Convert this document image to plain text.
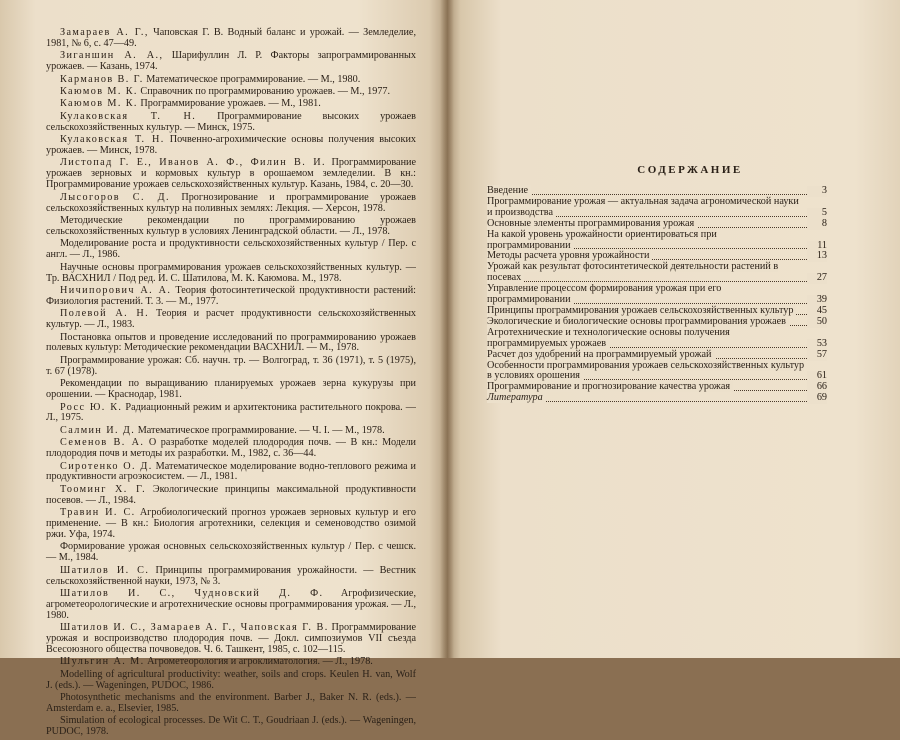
Замараев А. Г., Чаповская Г. В. Водный баланс и урожай. — Земледелие, 1981, № 6, с. 47—49.
Зиганшин А. А., Шарифуллин Л. Р. Факторы запрограммированных урожаев. — Казань, 1974.
Карманов В. Г. Математическое программирование. — М., 1980.
Каюмов М. К. Справочник по программированию урожаев. — М., 1977.
Каюмов М. К. Программирование урожаев. — М., 1981.
Кулаковская Т. Н. Программирование высоких урожаев сельскохозяйственных культур. — Минск, 1975.
Кулаковская Т. Н. Почвенно-агрохимические основы получения высоких урожаев. — Минск, 1978.
Листопад Г. Е., Иванов А. Ф., Филин В. И. Программирование урожаев зерновых и кормовых культур в орошаемом земледелии. В кн.: Программирование урожаев сельскохозяйственных культур. Казань, 1984, с. 20—30.
Лысогоров С. Д. Прогнозирование и программирование урожаев сельскохозяйственных культур на поливных землях: Лекция. — Херсон, 1978.
Методические рекомендации по программированию урожаев сельскохозяйственных культур в условиях Ленинградской области. — Л., 1978.
Моделирование роста и продуктивности сельскохозяйственных культур / Пер. с англ. — Л., 1986.
Научные основы программирования урожаев сельскохозяйственных культур. — Тр. ВАСХНИЛ / Под ред. И. С. Шатилова, М. К. Каюмова. М., 1978.
Ничипорович А. А. Теория фотосинтетической продуктивности растений: Физиология растений. Т. 3. — М., 1977.
Полевой А. Н. Теория и расчет продуктивности сельскохозяйственных культур. — Л., 1983.
Постановка опытов и проведение исследований по программированию урожаев полевых культур: Методические рекомендации ВАСХНИЛ. — М., 1978.
Программирование урожая: Сб. научн. тр. — Волгоград, т. 36 (1971), т. 5 (1975), т. 67 (1978).
Рекомендации по выращиванию планируемых урожаев зерна кукурузы при орошении. — Краснодар, 1981.
Росс Ю. К. Радиационный режим и архитектоника растительного покрова. — Л., 1975.
Салмин И. Д. Математическое программирование. — Ч. I. — М., 1978.
Семенов В. А. О разработке моделей плодородия почв. — В кн.: Модели плодородия почв и методы их разработки. М., 1982, с. 36—44.
Сиротенко О. Д. Математическое моделирование водно-теплового режима и продуктивности агроэкосистем. — Л., 1981.
Тооминг Х. Г. Экологические принципы максимальной продуктивности посевов. — Л., 1984.
Травин И. С. Агробиологический прогноз урожаев зерновых культур и его применение. — В кн.: Биология агротехники, селекция и семеноводство озимой ржи. Уфа, 1974.
Формирование урожая основных сельскохозяйственных культур / Пер. с чешск. — М., 1984.
Шатилов И. С. Принципы программирования урожайности. — Вестник сельскохозяйственной науки, 1973, № 3.
Шатилов И. С., Чудновский Д. Ф. Агрофизические, агрометеорологические и агротехнические основы программирования урожая. — Л., 1980.
Шатилов И. С., Замараев А. Г., Чаповская Г. В. Программирование урожая и воспроизводство плодородия почв. — Докл. симпозиумов VII съезда Всесоюзного общества почвоведов. Ч. 6. Ташкент, 1985, с. 102—115.
Шульгин А. М. Агрометеорология и агроклиматология. — Л., 1978.
Modelling of agricultural productivity: weather, soils and crops. Keulen H. van, Wolf J. (eds.). — Wageningen, PUDOC, 1986.
Photosynthetic mechanisms and the environment. Barber J., Baker N. R. (eds.). — Amsterdam e. a., Elsevier, 1985.
Simulation of ecological processes. De Wit C. T., Goudriaan J. (eds.). — Wageningen, PUDOC, 1978.
СОДЕРЖАНИЕ
Введение	3
Программирование урожая — актуальная задача агрономической науки и производства	5
Основные элементы программирования урожая	8
На какой уровень урожайности ориентироваться при программировании	11
Методы расчета уровня урожайности	13
Урожай как результат фотосинтетической деятельности растений в посевах	27
Управление процессом формирования урожая при его программировании	39
Принципы программирования урожаев сельскохозяйственных культур	45
Экологические и биологические основы программирования урожаев	50
Агротехнические и технологические основы получения программируемых урожаев	53
Расчет доз удобрений на программируемый урожай	57
Особенности программирования урожаев сельскохозяйственных культур в условиях орошения	61
Программирование и прогнозирование качества урожая	66
Литература	69
